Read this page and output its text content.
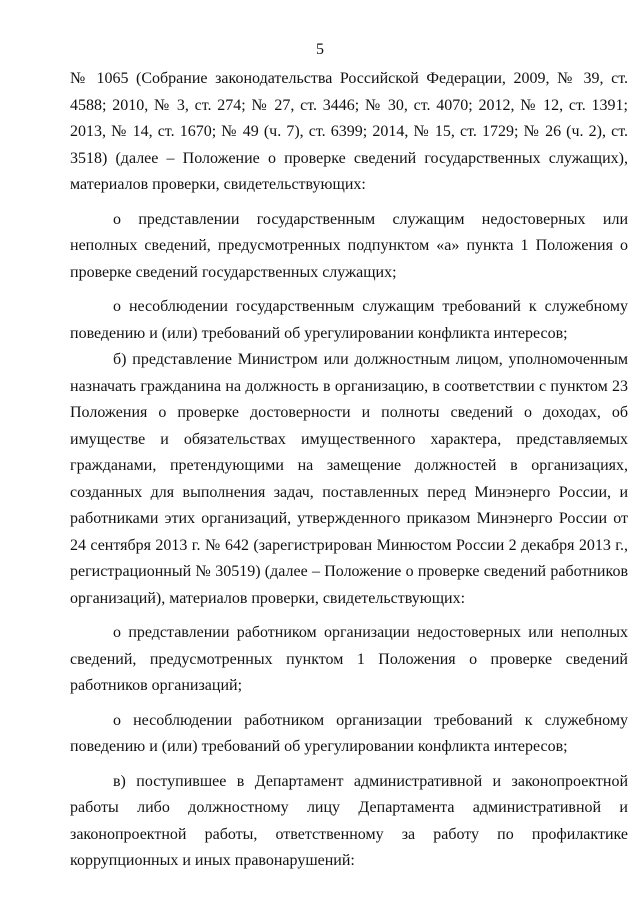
5

№ 1065 (Собрание законодательства Российской Федерации, 2009, № 39, ст. 4588; 2010, № 3, ст. 274; № 27, ст. 3446; № 30, ст. 4070; 2012, № 12, ст. 1391; 2013, № 14, ст. 1670; № 49 (ч. 7), ст. 6399; 2014, № 15, ст. 1729; № 26 (ч. 2), ст. 3518) (далее – Положение о проверке сведений государственных служащих), материалов проверки, свидетельствующих:

о представлении государственным служащим недостоверных или неполных сведений, предусмотренных подпунктом «а» пункта 1 Положения о проверке сведений государственных служащих;

о несоблюдении государственным служащим требований к служебному поведению и (или) требований об урегулировании конфликта интересов;

б) представление Министром или должностным лицом, уполномоченным назначать гражданина на должность в организацию, в соответствии с пунктом 23 Положения о проверке достоверности и полноты сведений о доходах, об имуществе и обязательствах имущественного характера, представляемых гражданами, претендующими на замещение должностей в организациях, созданных для выполнения задач, поставленных перед Минэнерго России, и работниками этих организаций, утвержденного приказом Минэнерго России от 24 сентября 2013 г. № 642 (зарегистрирован Минюстом России 2 декабря 2013 г., регистрационный № 30519) (далее – Положение о проверке сведений работников организаций), материалов проверки, свидетельствующих:

о представлении работником организации недостоверных или неполных сведений, предусмотренных пунктом 1 Положения о проверке сведений работников организаций;

о несоблюдении работником организации требований к служебному поведению и (или) требований об урегулировании конфликта интересов;

в) поступившее в Департамент административной и законопроектной работы либо должностному лицу Департамента административной и законопроектной работы, ответственному за работу по профилактике коррупционных и иных правонарушений:
